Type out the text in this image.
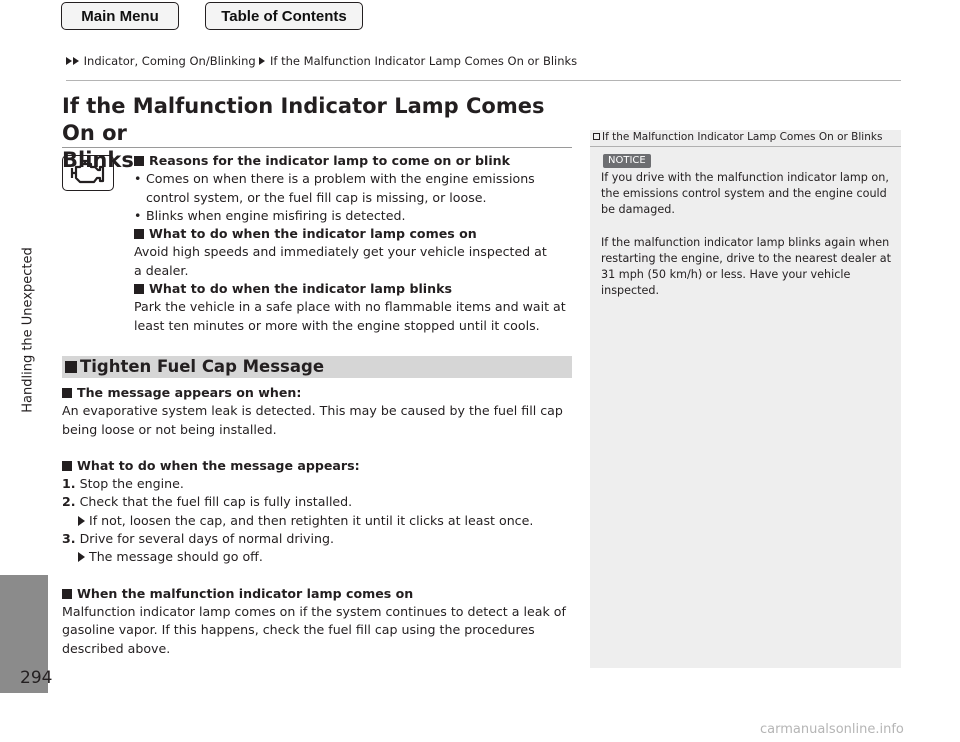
Main Menu	Table of Contents
Indicator, Coming On/Blinking If the Malfunction Indicator Lamp Comes On or Blinks
Handling the Unexpected
294
If the Malfunction Indicator Lamp Comes On or
Blinks	Reasons for the indicator lamp to come on or blink
• Comes on when there is a problem with the engine emissions control system, or the fuel fill cap is missing, or loose.
• Blinks when engine misfiring is detected.
What to do when the indicator lamp comes on
Avoid high speeds and immediately get your vehicle inspected at a dealer.
What to do when the indicator lamp blinks
Park the vehicle in a safe place with no flammable items and wait at least ten minutes or more with the engine stopped until it cools.
Tighten Fuel Cap Message
The message appears on when:
An evaporative system leak is detected. This may be caused by the fuel fill cap being loose or not being installed.
What to do when the message appears:
1. Stop the engine.
2. Check that the fuel fill cap is fully installed.
If not, loosen the cap, and then retighten it until it clicks at least once.
3. Drive for several days of normal driving.
The message should go off.
When the malfunction indicator lamp comes on
Malfunction indicator lamp comes on if the system continues to detect a leak of gasoline vapor. If this happens, check the fuel fill cap using the procedures described above.
If the Malfunction Indicator Lamp Comes On or Blinks
NOTICE
If you drive with the malfunction indicator lamp on, the emissions control system and the engine could be damaged.
If the malfunction indicator lamp blinks again when restarting the engine, drive to the nearest dealer at 31 mph (50 km/h) or less. Have your vehicle inspected.
carmanualsonline.info
